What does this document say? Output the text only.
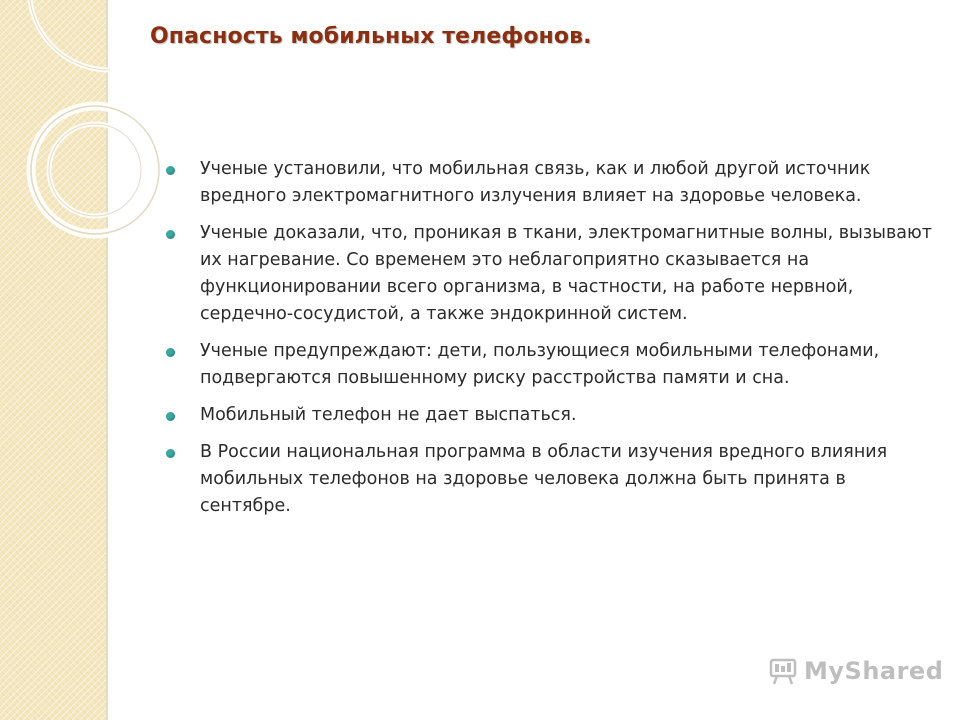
Опасность мобильных телефонов.
Ученые установили, что мобильная связь, как и любой другой источник вредного электромагнитного излучения влияет на здоровье человека.
Ученые доказали, что, проникая в ткани, электромагнитные волны, вызывают их нагревание. Со временем это неблагоприятно сказывается на функционировании всего организма, в частности, на работе нервной, сердечно-сосудистой, а также эндокринной систем.
Ученые предупреждают: дети, пользующиеся мобильными телефонами, подвергаются повышенному риску расстройства памяти и сна.
Мобильный телефон не дает выспаться.
В России национальная программа в области изучения вредного влияния мобильных телефонов на здоровье человека должна быть принята в сентябре.
MyShared
